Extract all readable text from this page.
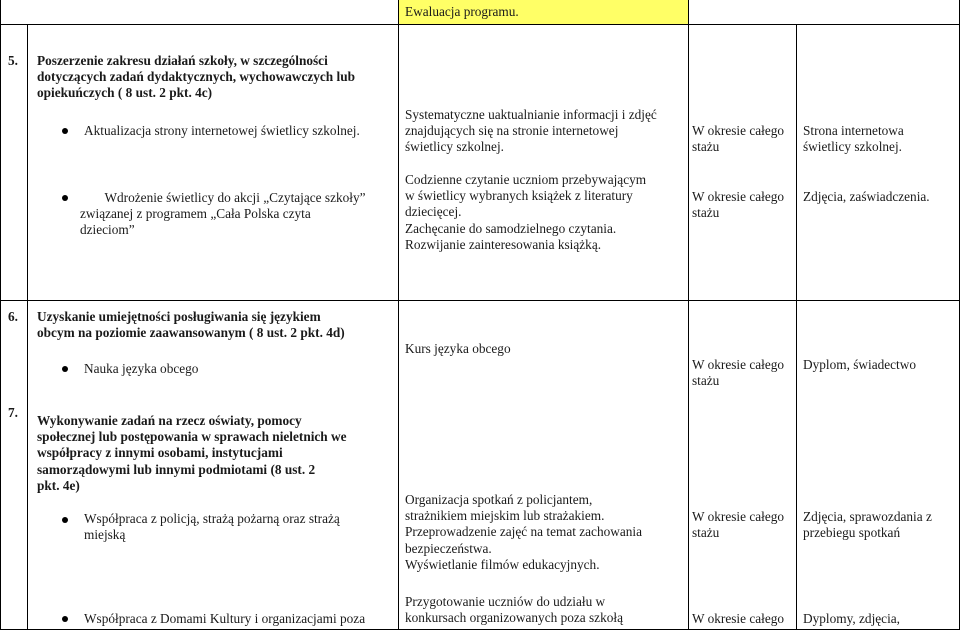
Ewaluacja programu.
5. Poszerzenie zakresu działań szkoły, w szczególności
dotyczących zadań dydaktycznych, wychowawczych lub
opiekuńczych ( 8 ust. 2 pkt. 4c)
Aktualizacja strony internetowej świetlicy szkolnej.
Systematyczne uaktualnianie informacji i zdjęć
znajdujących się na stronie internetowej
świetlicy szkolnej.
W okresie całego
stażu
Strona internetowa
świetlicy szkolnej.
Wdrożenie świetlicy do akcji „Czytające szkoły”
związanej z programem „Cała Polska czyta
dzieciom”
Codzienne czytanie uczniom przebywającym
w świetlicy wybranych książek z literatury
dziecięcej.
Zachęcanie do samodzielnego czytania.
Rozwijanie zainteresowania książką.
W okresie całego
stażu
Zdjęcia, zaświadczenia.
6. Uzyskanie umiejętności posługiwania się językiem
obcym na poziomie zaawansowanym ( 8 ust. 2 pkt. 4d)
Nauka języka obcego
Kurs języka obcego
W okresie całego
stażu
Dyplom, świadectwo
7.
Wykonywanie zadań na rzecz oświaty, pomocy
społecznej lub postępowania w sprawach nieletnich we
współpracy z innymi osobami, instytucjami
samorządowymi lub innymi podmiotami (8 ust. 2
pkt. 4e)
Współpraca z policją, strażą pożarną oraz strażą
miejską
Organizacja spotkań z policjantem,
strażnikiem miejskim lub strażakiem.
Przeprowadzenie zajęć na temat zachowania
bezpieczeństwa.
Wyświetlanie filmów edukacyjnych.
W okresie całego
stażu
Zdjęcia, sprawozdania z
przebiegu spotkań
Współpraca z Domami Kultury i organizacjami poza
Przygotowanie uczniów do udziału w
konkursach organizowanych poza szkołą	W okresie całego Dyplomy, zdjęcia,
